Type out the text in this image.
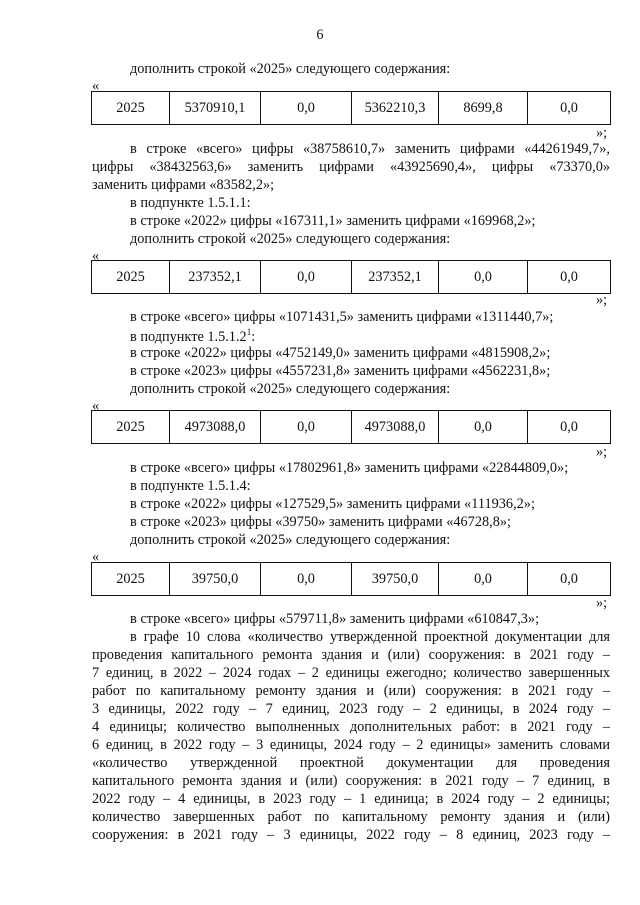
6
дополнить строкой «2025» следующего содержания:
«
2025	5370910,1	0,0	5362210,3	8699,8	0,0
»;
в строке «всего» цифры «38758610,7» заменить цифрами «44261949,7»,
цифры «38432563,6» заменить цифрами «43925690,4», цифры «73370,0»
заменить цифрами «83582,2»;
в подпункте 1.5.1.1:
в строке «2022» цифры «167311,1» заменить цифрами «169968,2»;
дополнить строкой «2025» следующего содержания:
«
2025	237352,1	0,0	237352,1	0,0	0,0
»;
в строке «всего» цифры «1071431,5» заменить цифрами «1311440,7»;
в подпункте 1.5.1.2$^1$:
в строке «2022» цифры «4752149,0» заменить цифрами «4815908,2»;
в строке «2023» цифры «4557231,8» заменить цифрами «4562231,8»;
дополнить строкой «2025» следующего содержания:
«
2025	4973088,0	0,0	4973088,0	0,0	0,0
»;
в строке «всего» цифры «17802961,8» заменить цифрами «22844809,0»;
в подпункте 1.5.1.4:
в строке «2022» цифры «127529,5» заменить цифрами «111936,2»;
в строке «2023» цифры «39750» заменить цифрами «46728,8»;
дополнить строкой «2025» следующего содержания:
«
2025	39750,0	0,0	39750,0	0,0	0,0
»;
в строке «всего» цифры «579711,8» заменить цифрами «610847,3»;
в графе 10 слова «количество утвержденной проектной документации для
проведения капитального ремонта здания и (или) сооружения: в 2021 году –
7 единиц, в 2022 – 2024 годах – 2 единицы ежегодно; количество завершенных
работ по капитальному ремонту здания и (или) сооружения: в 2021 году –
3 единицы, 2022 году – 7 единиц, 2023 году – 2 единицы, в 2024 году –
4 единицы; количество выполненных дополнительных работ: в 2021 году –
6 единиц, в 2022 году – 3 единицы, 2024 году – 2 единицы» заменить словами
«количество утвержденной проектной документации для проведения
капитального ремонта здания и (или) сооружения: в 2021 году – 7 единиц, в
2022 году – 4 единицы, в 2023 году – 1 единица; в 2024 году – 2 единицы;
количество завершенных работ по капитальному ремонту здания и (или)
сооружения: в 2021 году – 3 единицы, 2022 году – 8 единиц, 2023 году –
